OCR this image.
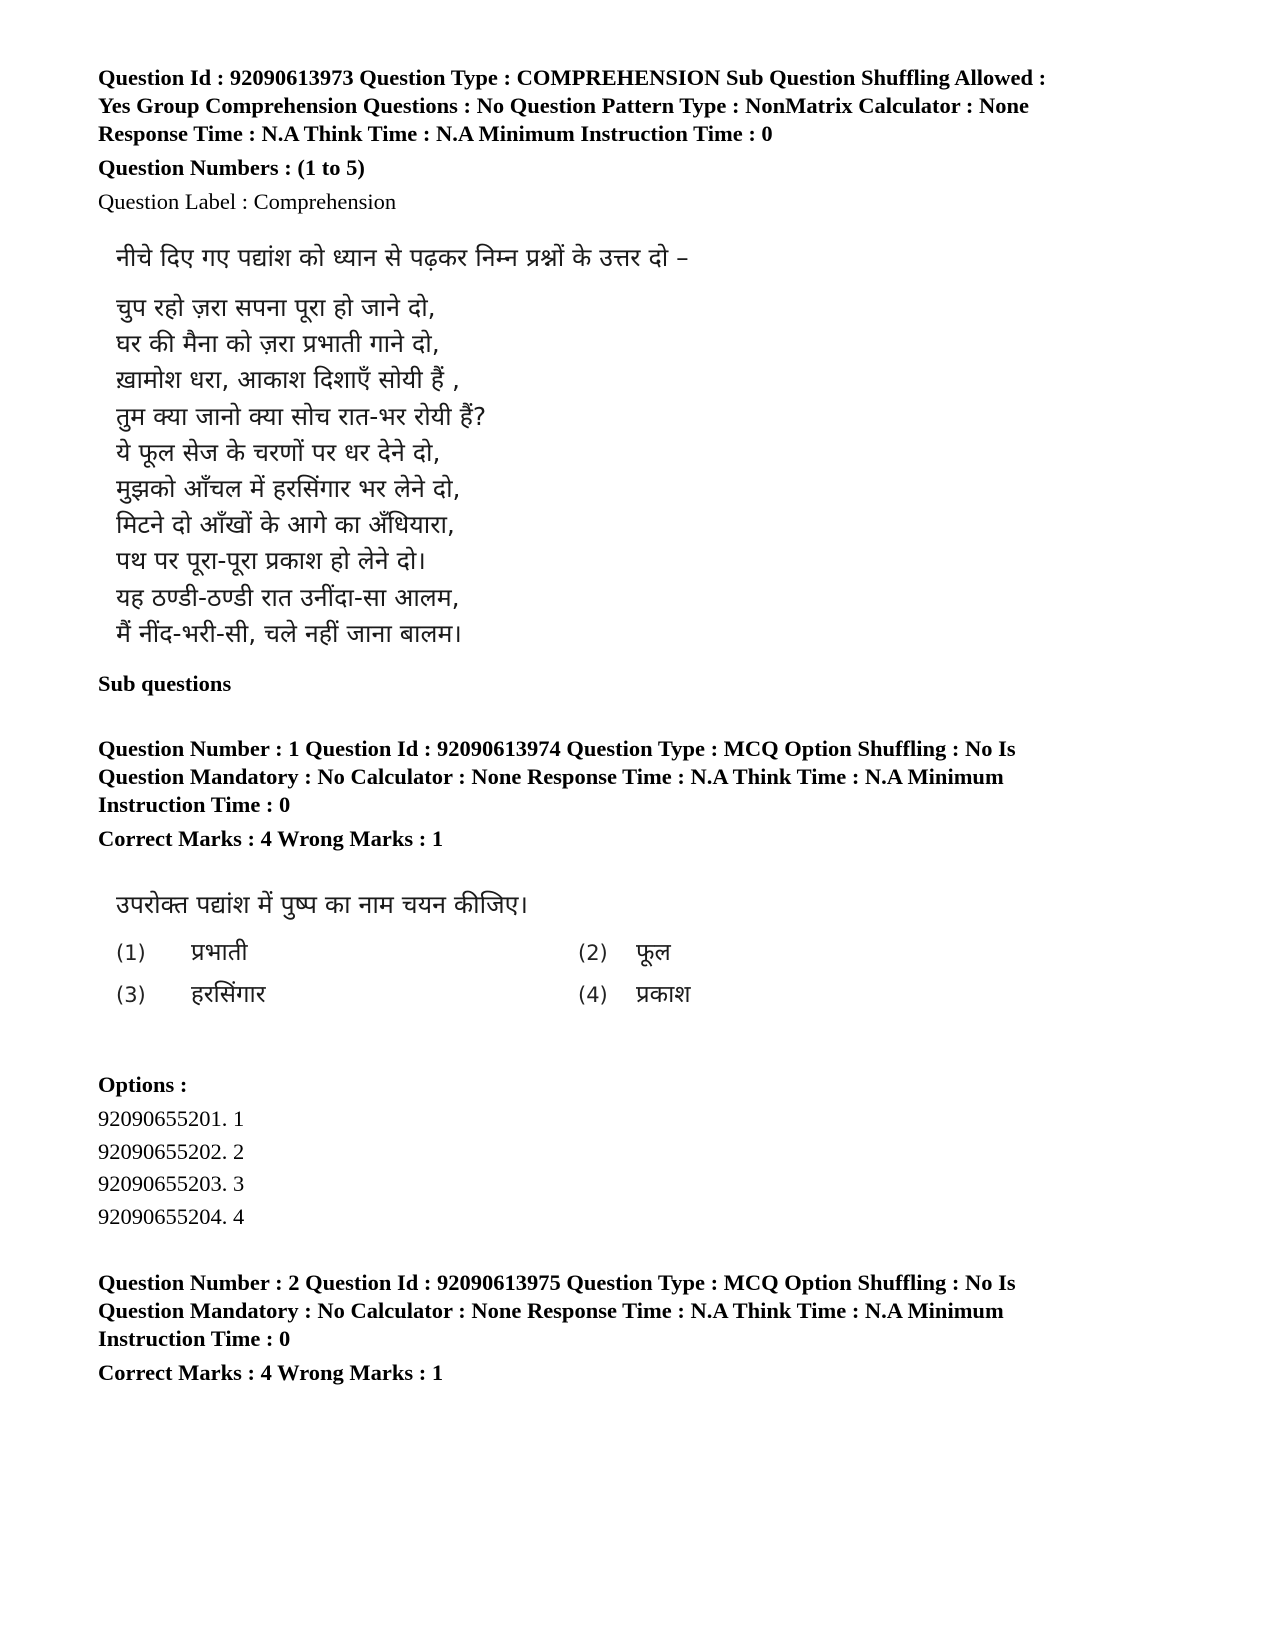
Question Id : 92090613973 Question Type : COMPREHENSION Sub Question Shuffling Allowed :
Yes Group Comprehension Questions : No Question Pattern Type : NonMatrix Calculator : None
Response Time : N.A Think Time : N.A Minimum Instruction Time : 0
Question Numbers : (1 to 5)
Question Label : Comprehension
नीचे दिए गए पद्यांश को ध्यान से पढ़कर निम्न प्रश्नों के उत्तर दो –
चुप रहो ज़रा सपना पूरा हो जाने दो,
घर की मैना को ज़रा प्रभाती गाने दो,
ख़ामोश धरा, आकाश दिशाएँ सोयी हैं ,
तुम क्या जानो क्या सोच रात-भर रोयी हैं?
ये फूल सेज के चरणों पर धर देने दो,
मुझको आँचल में हरसिंगार भर लेने दो,
मिटने दो आँखों के आगे का अँधियारा,
पथ पर पूरा-पूरा प्रकाश हो लेने दो।
यह ठण्डी-ठण्डी रात उनींदा-सा आलम,
मैं नींद-भरी-सी, चले नहीं जाना बालम।
Sub questions
Question Number : 1 Question Id : 92090613974 Question Type : MCQ Option Shuffling : No Is
Question Mandatory : No Calculator : None Response Time : N.A Think Time : N.A Minimum
Instruction Time : 0
Correct Marks : 4 Wrong Marks : 1
उपरोक्त पद्यांश में पुष्प का नाम चयन कीजिए।
(1) प्रभाती	(2) फूल
(3) हरसिंगार	(4) प्रकाश
Options :
92090655201. 1
92090655202. 2
92090655203. 3
92090655204. 4
Question Number : 2 Question Id : 92090613975 Question Type : MCQ Option Shuffling : No Is
Question Mandatory : No Calculator : None Response Time : N.A Think Time : N.A Minimum
Instruction Time : 0
Correct Marks : 4 Wrong Marks : 1
